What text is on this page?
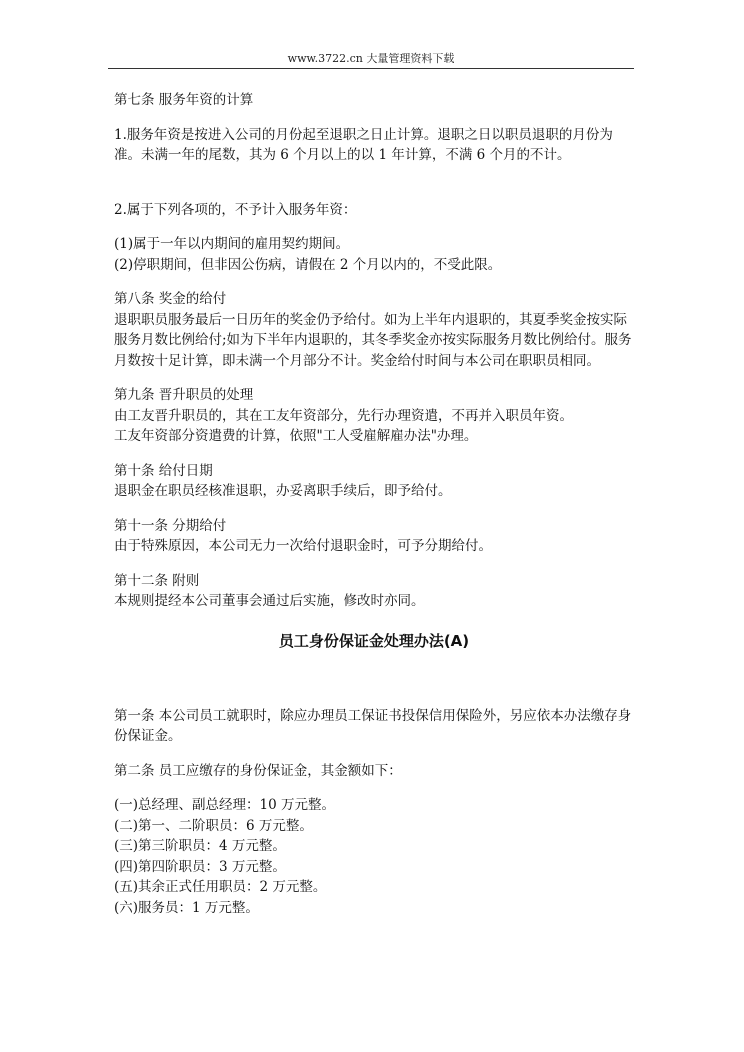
www.3722.cn 大量管理资料下载

第七条 服务年资的计算

1.服务年资是按进入公司的月份起至退职之日止计算。退职之日以职员退职的月份为准。未满一年的尾数，其为 6 个月以上的以 1 年计算，不满 6 个月的不计。

2.属于下列各项的，不予计入服务年资：

(1)属于一年以内期间的雇用契约期间。

(2)停职期间，但非因公伤病，请假在 2 个月以内的，不受此限。

第八条 奖金的给付

退职职员服务最后一日历年的奖金仍予给付。如为上半年内退职的，其夏季奖金按实际服务月数比例给付;如为下半年内退职的，其冬季奖金亦按实际服务月数比例给付。服务月数按十足计算，即未满一个月部分不计。奖金给付时间与本公司在职职员相同。

第九条 晋升职员的处理

由工友晋升职员的，其在工友年资部分，先行办理资遣，不再并入职员年资。

工友年资部分资遣费的计算，依照"工人受雇解雇办法"办理。

第十条 给付日期

退职金在职员经核准退职，办妥离职手续后，即予给付。

第十一条 分期给付

由于特殊原因，本公司无力一次给付退职金时，可予分期给付。

第十二条 附则

本规则提经本公司董事会通过后实施，修改时亦同。

员工身份保证金处理办法(A)

第一条 本公司员工就职时，除应办理员工保证书投保信用保险外，另应依本办法缴存身份保证金。

第二条 员工应缴存的身份保证金，其金额如下：

(一)总经理、副总经理：10 万元整。

(二)第一、二阶职员：6 万元整。

(三)第三阶职员：4 万元整。

(四)第四阶职员：3 万元整。

(五)其余正式任用职员：2 万元整。

(六)服务员：1 万元整。
